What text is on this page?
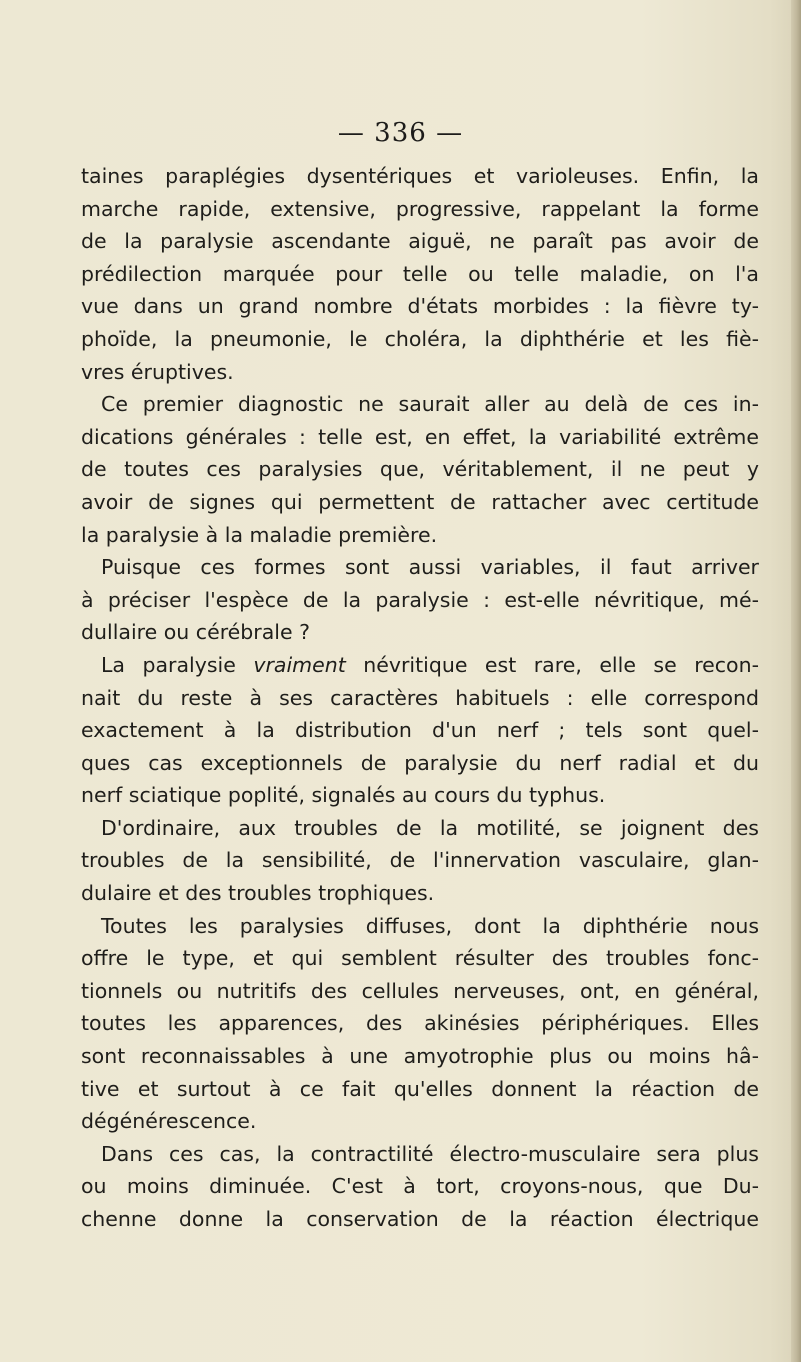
— 336 —
taines paraplégies dysentériques et varioleuses. Enfin, la
marche rapide, extensive, progressive, rappelant la forme
de la paralysie ascendante aiguë, ne paraît pas avoir de
prédilection marquée pour telle ou telle maladie, on l'a
vue dans un grand nombre d'états morbides : la fièvre ty-
phoïde, la pneumonie, le choléra, la diphthérie et les fiè-
vres éruptives.
Ce premier diagnostic ne saurait aller au delà de ces in-
dications générales : telle est, en effet, la variabilité extrême
de toutes ces paralysies que, véritablement, il ne peut y
avoir de signes qui permettent de rattacher avec certitude
la paralysie à la maladie première.
Puisque ces formes sont aussi variables, il faut arriver
à préciser l'espèce de la paralysie : est-elle névritique, mé-
dullaire ou cérébrale ?
La paralysie vraiment névritique est rare, elle se recon-
nait du reste à ses caractères habituels : elle correspond
exactement à la distribution d'un nerf ; tels sont quel-
ques cas exceptionnels de paralysie du nerf radial et du
nerf sciatique poplité, signalés au cours du typhus.
D'ordinaire, aux troubles de la motilité, se joignent des
troubles de la sensibilité, de l'innervation vasculaire, glan-
dulaire et des troubles trophiques.
Toutes les paralysies diffuses, dont la diphthérie nous
offre le type, et qui semblent résulter des troubles fonc-
tionnels ou nutritifs des cellules nerveuses, ont, en général,
toutes les apparences, des akinésies périphériques. Elles
sont reconnaissables à une amyotrophie plus ou moins hâ-
tive et surtout à ce fait qu'elles donnent la réaction de
dégénérescence.
Dans ces cas, la contractilité électro-musculaire sera plus
ou moins diminuée. C'est à tort, croyons-nous, que Du-
chenne donne la conservation de la réaction électrique
